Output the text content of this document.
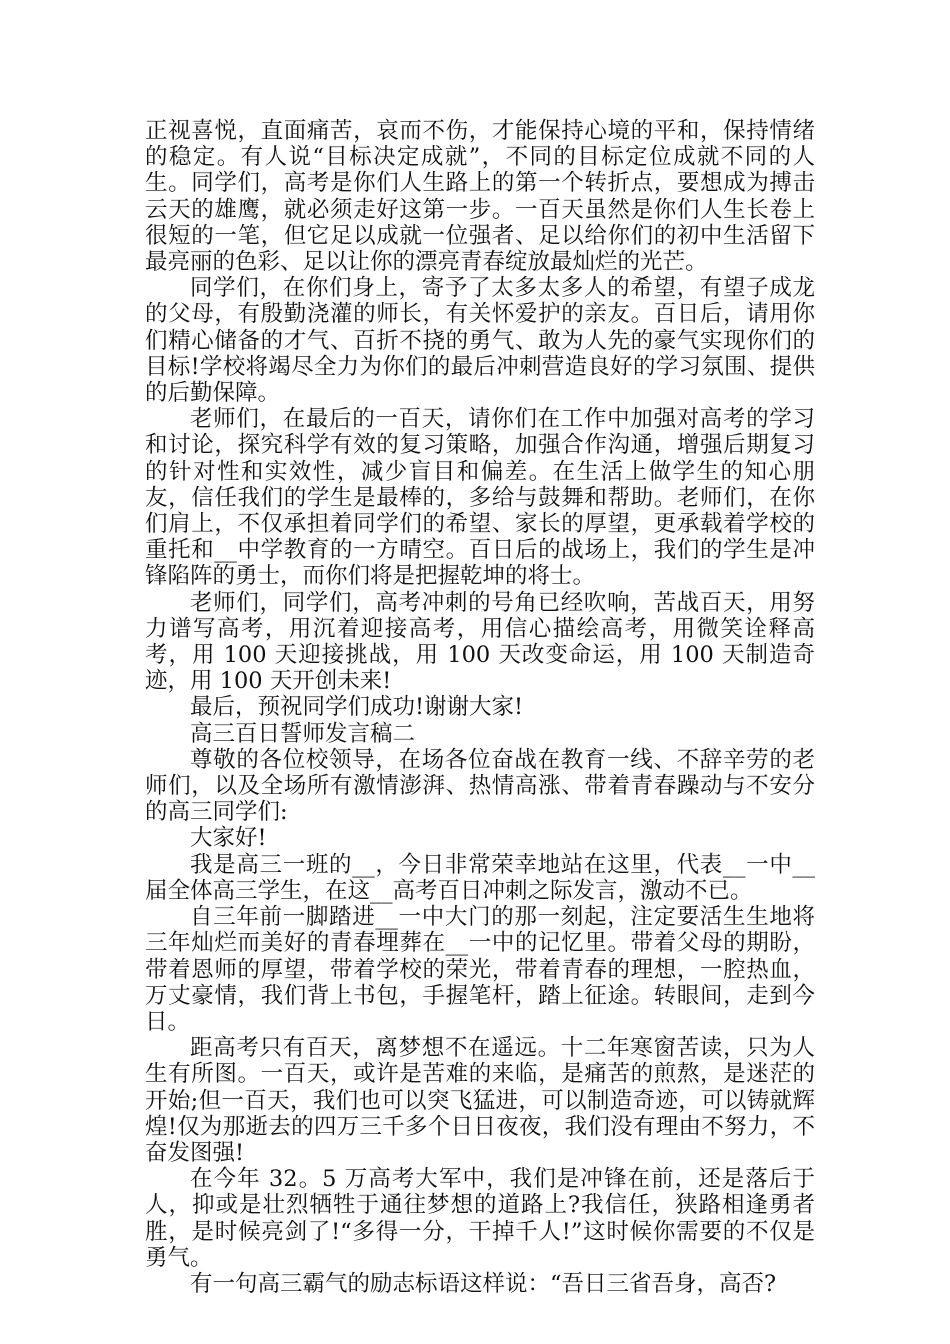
正视喜悦，直面痛苦，哀而不伤，才能保持心境的平和，保持情绪的稳定。有人说“目标决定成就”，不同的目标定位成就不同的人生。同学们，高考是你们人生路上的第一个转折点，要想成为搏击云天的雄鹰，就必须走好这第一步。一百天虽然是你们人生长卷上很短的一笔，但它足以成就一位强者、足以给你们的初中生活留下最亮丽的色彩、足以让你的漂亮青春绽放最灿烂的光芒。

同学们，在你们身上，寄予了太多太多人的希望，有望子成龙的父母，有殷勤浇灌的师长，有关怀爱护的亲友。百日后，请用你们精心储备的才气、百折不挠的勇气、敢为人先的豪气实现你们的目标!学校将竭尽全力为你们的最后冲刺营造良好的学习氛围、提供的后勤保障。

老师们，在最后的一百天，请你们在工作中加强对高考的学习和讨论，探究科学有效的复习策略，加强合作沟通，增强后期复习的针对性和实效性，减少盲目和偏差。在生活上做学生的知心朋友，信任我们的学生是最棒的，多给与鼓舞和帮助。老师们，在你们肩上，不仅承担着同学们的希望、家长的厚望，更承载着学校的重托和__中学教育的一方晴空。百日后的战场上，我们的学生是冲锋陷阵的勇士，而你们将是把握乾坤的将士。

老师们，同学们，高考冲刺的号角已经吹响，苦战百天，用努力谱写高考，用沉着迎接高考，用信心描绘高考，用微笑诠释高考，用 100 天迎接挑战，用 100 天改变命运，用 100 天制造奇迹，用 100 天开创未来!

最后，预祝同学们成功!谢谢大家!

高三百日誓师发言稿二

尊敬的各位校领导，在场各位奋战在教育一线、不辞辛劳的老师们，以及全场所有激情澎湃、热情高涨、带着青春躁动与不安分的高三同学们:

大家好!

我是高三一班的__，今日非常荣幸地站在这里，代表__一中__届全体高三学生，在这__高考百日冲刺之际发言，激动不已。

自三年前一脚踏进__一中大门的那一刻起，注定要活生生地将三年灿烂而美好的青春埋葬在__一中的记忆里。带着父母的期盼，带着恩师的厚望，带着学校的荣光，带着青春的理想，一腔热血，万丈豪情，我们背上书包，手握笔杆，踏上征途。转眼间，走到今日。

距高考只有百天，离梦想不在遥远。十二年寒窗苦读，只为人生有所图。一百天，或许是苦难的来临，是痛苦的煎熬，是迷茫的开始;但一百天，我们也可以突飞猛进，可以制造奇迹，可以铸就辉煌!仅为那逝去的四万三千多个日日夜夜，我们没有理由不努力，不奋发图强!

在今年 32。5 万高考大军中，我们是冲锋在前，还是落后于人，抑或是壮烈牺牲于通往梦想的道路上?我信任，狭路相逢勇者胜，是时候亮剑了!“多得一分，干掉千人!”这时候你需要的不仅是勇气。

有一句高三霸气的励志标语这样说：“吾日三省吾身，高否?
